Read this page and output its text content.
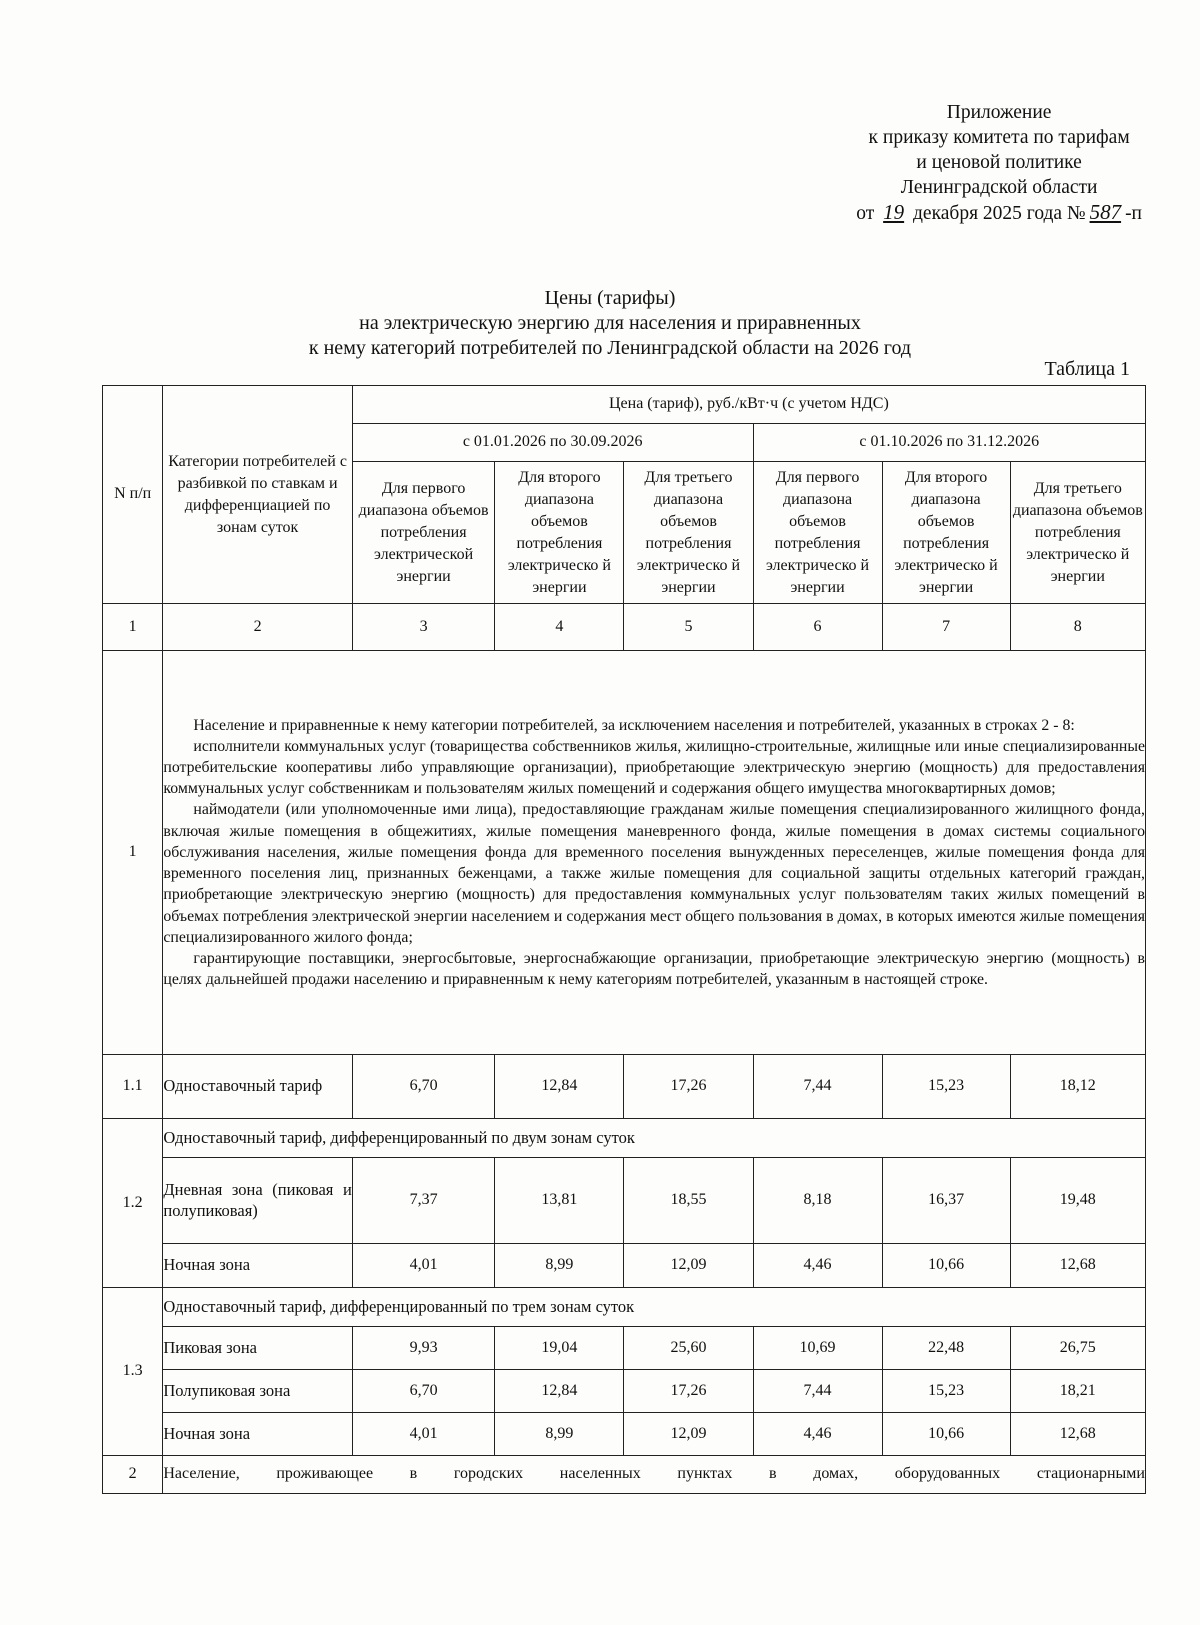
Приложение
к приказу комитета по тарифам
и ценовой политике
Ленинградской области
от 19 декабря 2025 года № 587 -п
Цены (тарифы)
на электрическую энергию для населения и приравненных
к нему категорий потребителей по Ленинградской области на 2026 год
Таблица 1
N п/п	Категории потребителей с разбивкой по ставкам и дифференциацией по зонам суток	Цена (тариф), руб./кВт·ч (с учетом НДС)					
		с 01.01.2026 по 30.09.2026			с 01.10.2026 по 31.12.2026		
		Для первого диапазона объемов потребления электрической энергии	Для второго диапазона объемов потребления электрическо й энергии	Для третьего диапазона объемов потребления электрическо й энергии	Для первого диапазона объемов потребления электрическо й энергии	Для второго диапазона объемов потребления электрическо й энергии	Для третьего диапазона объемов потребления электрическо й энергии
1	2	3	4	5	6	7	8
1	Население и приравненные к нему категории потребителей, за исключением населения и потребителей, указанных в строках 2 - 8:

исполнители коммунальных услуг (товарищества собственников жилья, жилищно-строительные, жилищные или иные специализированные потребительские кооперативы либо управляющие организации), приобретающие электрическую энергию (мощность) для предоставления коммунальных услуг собственникам и пользователям жилых помещений и содержания общего имущества многоквартирных домов;

наймодатели (или уполномоченные ими лица), предоставляющие гражданам жилые помещения специализированного жилищного фонда, включая жилые помещения в общежитиях, жилые помещения маневренного фонда, жилые помещения в домах системы социального обслуживания населения, жилые помещения фонда для временного поселения вынужденных переселенцев, жилые помещения фонда для временного поселения лиц, признанных беженцами, а также жилые помещения для социальной защиты отдельных категорий граждан, приобретающие электрическую энергию (мощность) для предоставления коммунальных услуг пользователям таких жилых помещений в объемах потребления электрической энергии населением и содержания мест общего пользования в домах, в которых имеются жилые помещения специализированного жилого фонда;

гарантирующие поставщики, энергосбытовые, энергоснабжающие организации, приобретающие электрическую энергию (мощность) в целях дальнейшей продажи населению и приравненным к нему категориям потребителей, указанным в настоящей строке.						

1.1	Одноставочный тариф	6,70	12,84	17,26	7,44	15,23	18,12
1.2	Одноставочный тариф, дифференцированный по двум зонам суток						
	Дневная зона (пиковая и полупиковая)	7,37	13,81	18,55	8,18	16,37	19,48
	Ночная зона	4,01	8,99	12,09	4,46	10,66	12,68
1.3	Одноставочный тариф, дифференцированный по трем зонам суток						
	Пиковая зона	9,93	19,04	25,60	10,69	22,48	26,75
	Полупиковая зона	6,70	12,84	17,26	7,44	15,23	18,21
	Ночная зона	4,01	8,99	12,09	4,46	10,66	12,68
2	Население, проживающее в городских населенных пунктах в домах, оборудованных стационарными						
